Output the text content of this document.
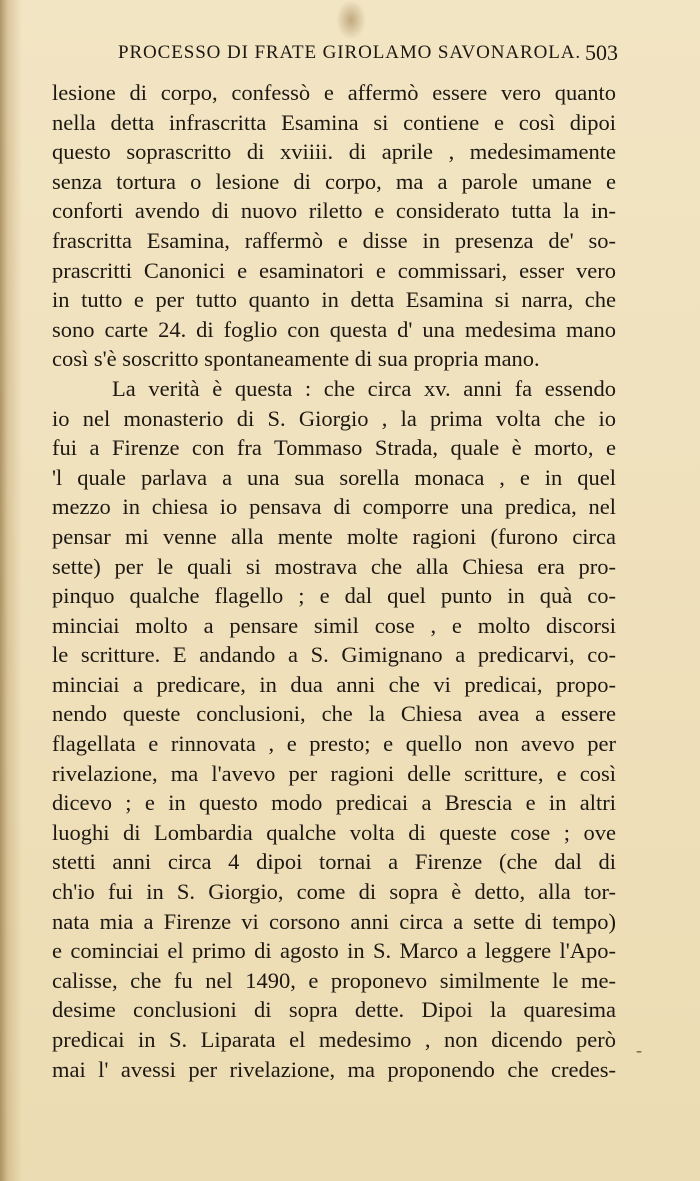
PROCESSO DI FRATE GIROLAMO SAVONAROLA. 503
lesione di corpo, confessò e affermò essere vero quanto
nella detta infrascritta Esamina si contiene e così dipoi
questo soprascritto di xviiii. di aprile , medesimamente
senza tortura o lesione di corpo, ma a parole umane e
conforti avendo di nuovo riletto e considerato tutta la in-
frascritta Esamina, raffermò e disse in presenza de' so-
prascritti Canonici e esaminatori e commissari, esser vero
in tutto e per tutto quanto in detta Esamina si narra, che
sono carte 24. di foglio con questa d' una medesima mano
così s'è soscritto spontaneamente di sua propria mano.
La verità è questa : che circa xv. anni fa essendo
io nel monasterio di S. Giorgio , la prima volta che io
fui a Firenze con fra Tommaso Strada, quale è morto, e
'l quale parlava a una sua sorella monaca , e in quel
mezzo in chiesa io pensava di comporre una predica, nel
pensar mi venne alla mente molte ragioni (furono circa
sette) per le quali si mostrava che alla Chiesa era pro-
pinquo qualche flagello ; e dal quel punto in quà co-
minciai molto a pensare simil cose , e molto discorsi
le scritture. E andando a S. Gimignano a predicarvi, co-
minciai a predicare, in dua anni che vi predicai, propo-
nendo queste conclusioni, che la Chiesa avea a essere
flagellata e rinnovata , e presto; e quello non avevo per
rivelazione, ma l'avevo per ragioni delle scritture, e così
dicevo ; e in questo modo predicai a Brescia e in altri
luoghi di Lombardia qualche volta di queste cose ; ove
stetti anni circa 4 dipoi tornai a Firenze (che dal di
ch'io fui in S. Giorgio, come di sopra è detto, alla tor-
nata mia a Firenze vi corsono anni circa a sette di tempo)
e cominciai el primo di agosto in S. Marco a leggere l'Apo-
calisse, che fu nel 1490, e proponevo similmente le me-
desime conclusioni di sopra dette. Dipoi la quaresima
predicai in S. Liparata el medesimo , non dicendo però
mai l' avessi per rivelazione, ma proponendo che credes-
-
